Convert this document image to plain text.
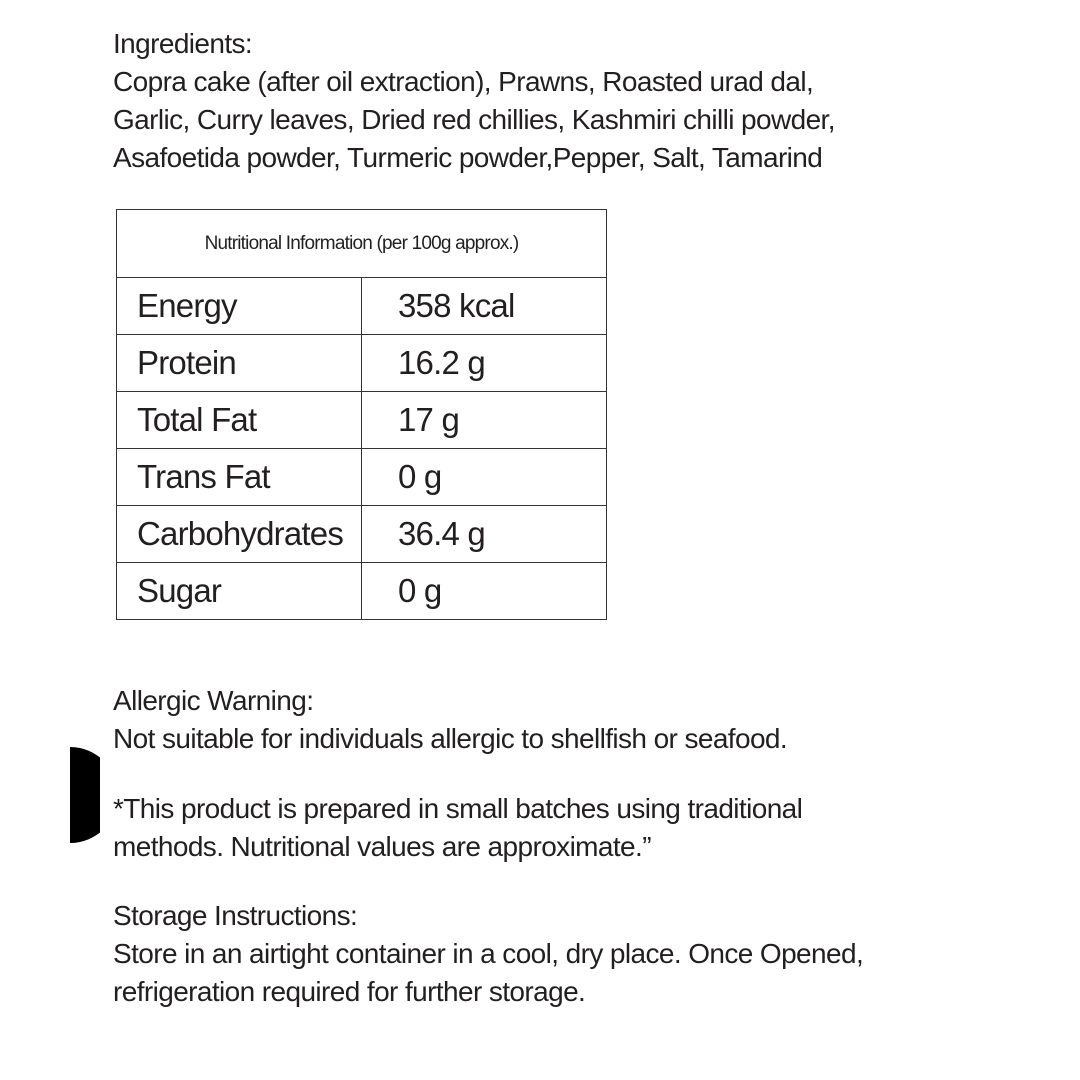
Ingredients:
Copra cake (after oil extraction), Prawns, Roasted urad dal,
Garlic, Curry leaves, Dried red chillies, Kashmiri chilli powder,
Asafoetida powder, Turmeric powder,Pepper, Salt, Tamarind
Nutritional Information (per 100g approx.)	
Energy	358 kcal
Protein	16.2 g
Total Fat	17 g
Trans Fat	0 g
Carbohydrates	36.4 g
Sugar	0 g
Allergic Warning:
Not suitable for individuals allergic to shellfish or seafood.
*This product is prepared in small batches using traditional
methods. Nutritional values are approximate.”
Storage Instructions:
Store in an airtight container in a cool, dry place. Once Opened,
refrigeration required for further storage.
